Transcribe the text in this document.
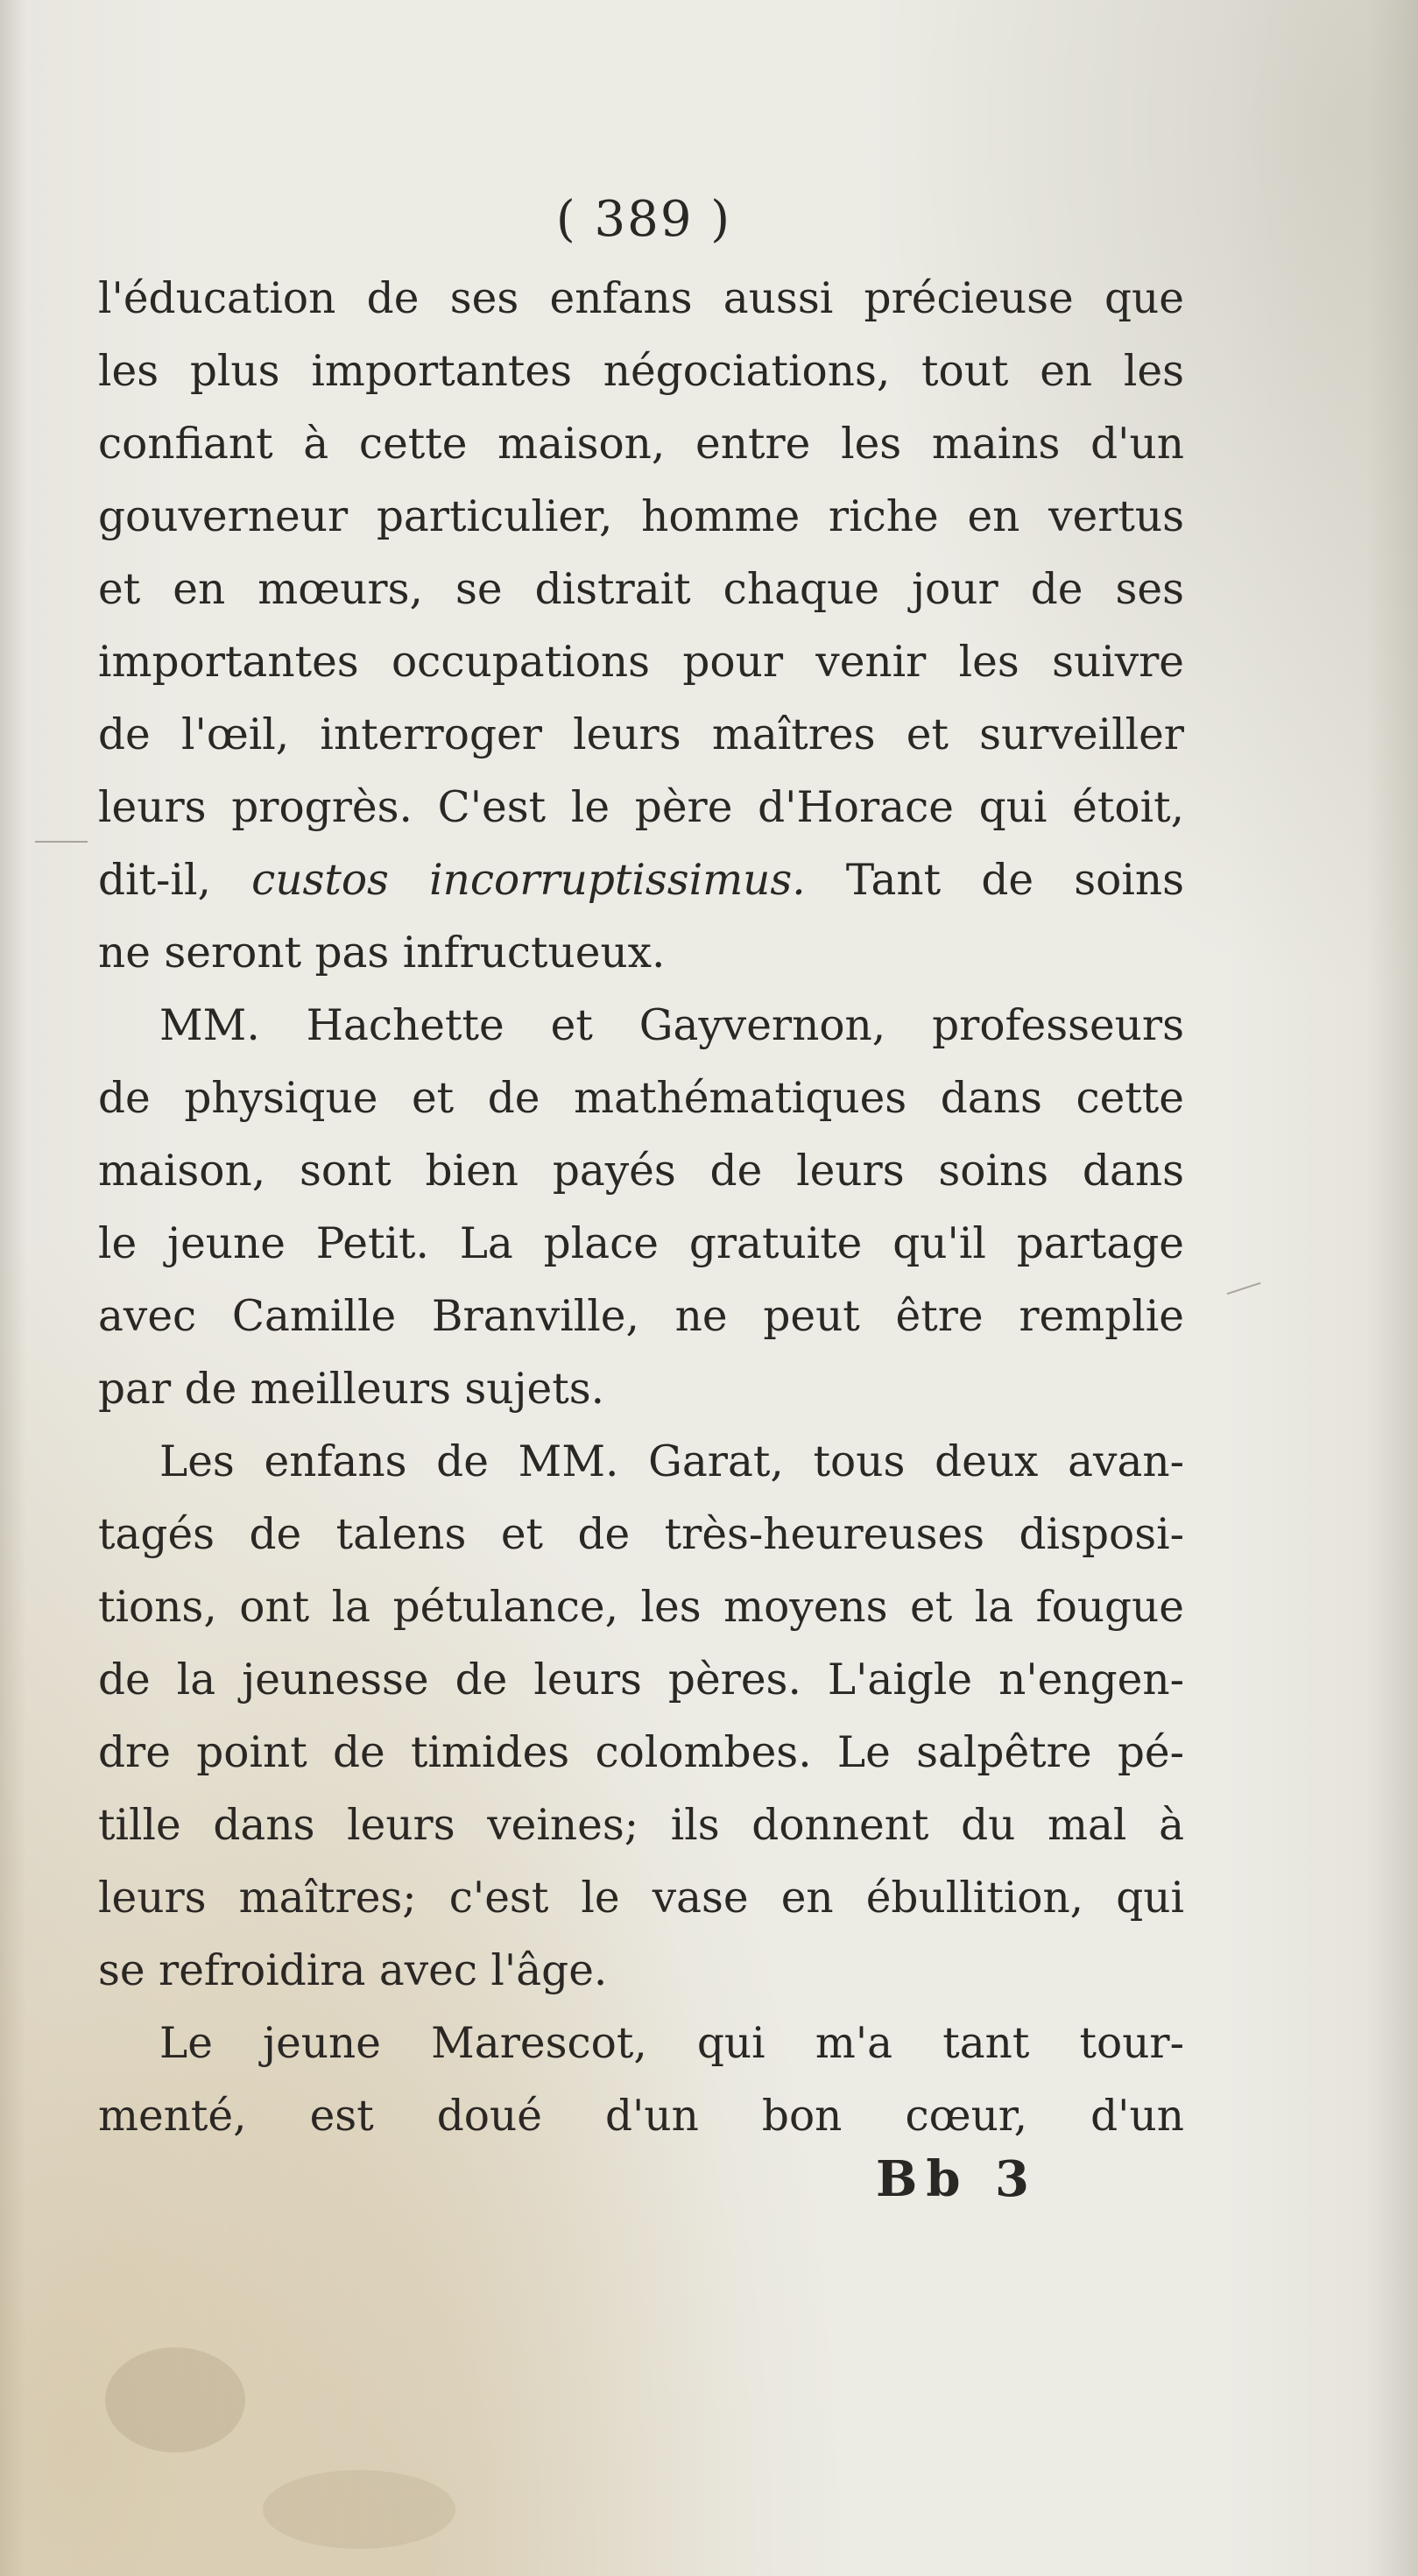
( 389 )
l'éducation de ses enfans aussi précieuse que
les plus importantes négociations, tout en les
confiant à cette maison, entre les mains d'un
gouverneur particulier, homme riche en vertus
et en mœurs, se distrait chaque jour de ses
importantes occupations pour venir les suivre
de l'œil, interroger leurs maîtres et surveiller
leurs progrès. C'est le père d'Horace qui étoit,
dit-il, custos incorruptissimus. Tant de soins
ne seront pas infructueux.
MM. Hachette et Gayvernon, professeurs
de physique et de mathématiques dans cette
maison, sont bien payés de leurs soins dans
le jeune Petit. La place gratuite qu'il partage
avec Camille Branville, ne peut être remplie
par de meilleurs sujets.
Les enfans de MM. Garat, tous deux avan-
tagés de talens et de très-heureuses disposi-
tions, ont la pétulance, les moyens et la fougue
de la jeunesse de leurs pères. L'aigle n'engen-
dre point de timides colombes. Le salpêtre pé-
tille dans leurs veines; ils donnent du mal à
leurs maîtres; c'est le vase en ébullition, qui
se refroidira avec l'âge.
Le jeune Marescot, qui m'a tant tour-
menté, est doué d'un bon cœur, d'un
Bb 3
